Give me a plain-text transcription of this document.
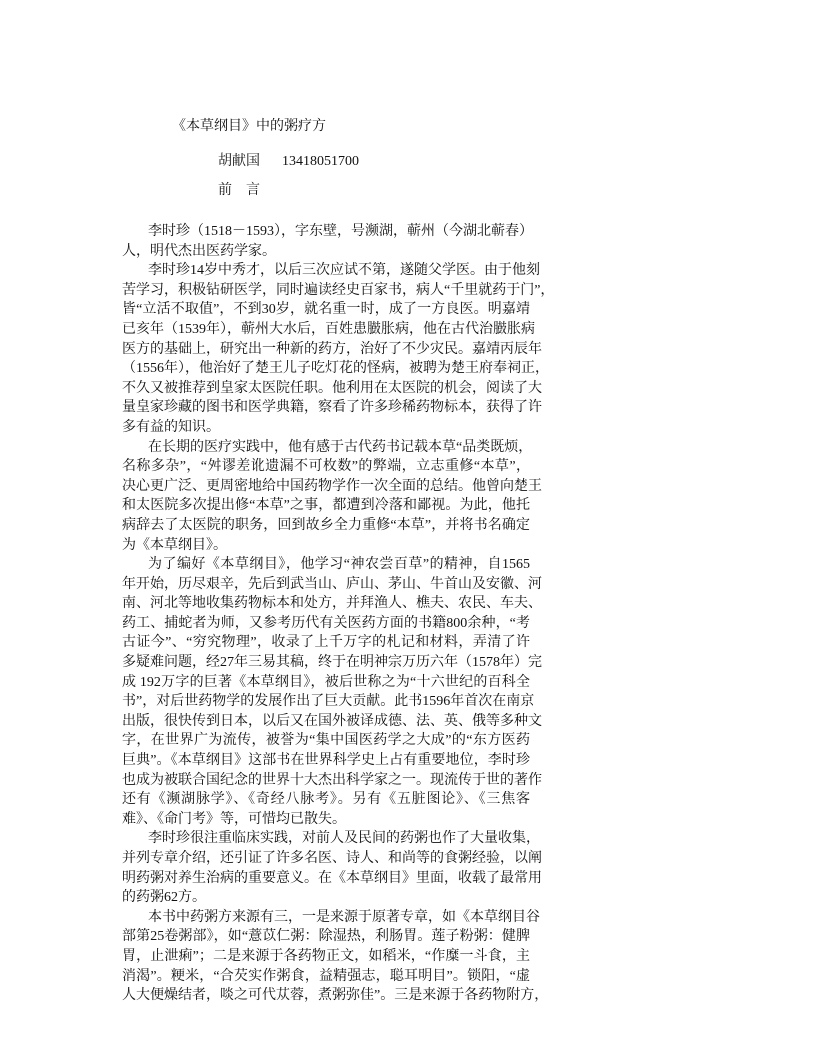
《本草纲目》中的粥疗方
胡献国 13418051700
前言
李时珍（1518－1593），字东壁，号濒湖，蕲州（今湖北蕲春）
人，明代杰出医药学家。
李时珍14岁中秀才，以后三次应试不第，遂随父学医。由于他刻
苦学习，积极钻研医学，同时遍读经史百家书，病人“千里就药于门”，
皆“立活不取值”，不到30岁，就名重一时，成了一方良医。明嘉靖
已亥年（1539年），蕲州大水后，百姓患臌胀病，他在古代治臌胀病
医方的基础上，研究出一种新的药方，治好了不少灾民。嘉靖丙辰年
（1556年），他治好了楚王儿子吃灯花的怪病，被聘为楚王府奉祠正，
不久又被推荐到皇家太医院任职。他利用在太医院的机会，阅读了大
量皇家珍藏的图书和医学典籍，察看了许多珍稀药物标本，获得了许
多有益的知识。
在长期的医疗实践中，他有感于古代药书记载本草“品类既烦，
名称多杂”，“舛谬差讹遗漏不可枚数”的弊端，立志重修“本草”，
决心更广泛、更周密地给中国药物学作一次全面的总结。他曾向楚王
和太医院多次提出修“本草”之事，都遭到冷落和鄙视。为此，他托
病辞去了太医院的职务，回到故乡全力重修“本草”，并将书名确定
为《本草纲目》。
为了编好《本草纲目》，他学习“神农尝百草”的精神，自1565
年开始，历尽艰辛，先后到武当山、庐山、茅山、牛首山及安徽、河
南、河北等地收集药物标本和处方，并拜渔人、樵夫、农民、车夫、
药工、捕蛇者为师，又参考历代有关医药方面的书籍800余种，“考
古证今”、“穷究物理”，收录了上千万字的札记和材料，弄清了许
多疑难问题，经27年三易其稿，终于在明神宗万历六年（1578年）完
成 192万字的巨著《本草纲目》，被后世称之为“十六世纪的百科全
书”，对后世药物学的发展作出了巨大贡献。此书1596年首次在南京
出版，很快传到日本，以后又在国外被译成德、法、英、俄等多种文
字，在世界广为流传，被誉为“集中国医药学之大成”的“东方医药
巨典”。《本草纲目》这部书在世界科学史上占有重要地位，李时珍
也成为被联合国纪念的世界十大杰出科学家之一。现流传于世的著作
还有《濒湖脉学》、《奇经八脉考》。另有《五脏图论》、《三焦客
难》、《命门考》等，可惜均已散失。
李时珍很注重临床实践，对前人及民间的药粥也作了大量收集，
并列专章介绍，还引证了许多名医、诗人、和尚等的食粥经验，以阐
明药粥对养生治病的重要意义。在《本草纲目》里面，收载了最常用
的药粥62方。
本书中药粥方来源有三，一是来源于原著专章，如《本草纲目谷
部第25卷粥部》，如“薏苡仁粥：除湿热，利肠胃。莲子粉粥：健脾
胃，止泄痢”；二是来源于各药物正文，如稻米，“作糜一斗食，主
消渴”。粳米，“合芡实作粥食，益精强志，聪耳明目”。锁阳，“虚
人大便燥结者，啖之可代苁蓉，煮粥弥佳”。三是来源于各药物附方，
